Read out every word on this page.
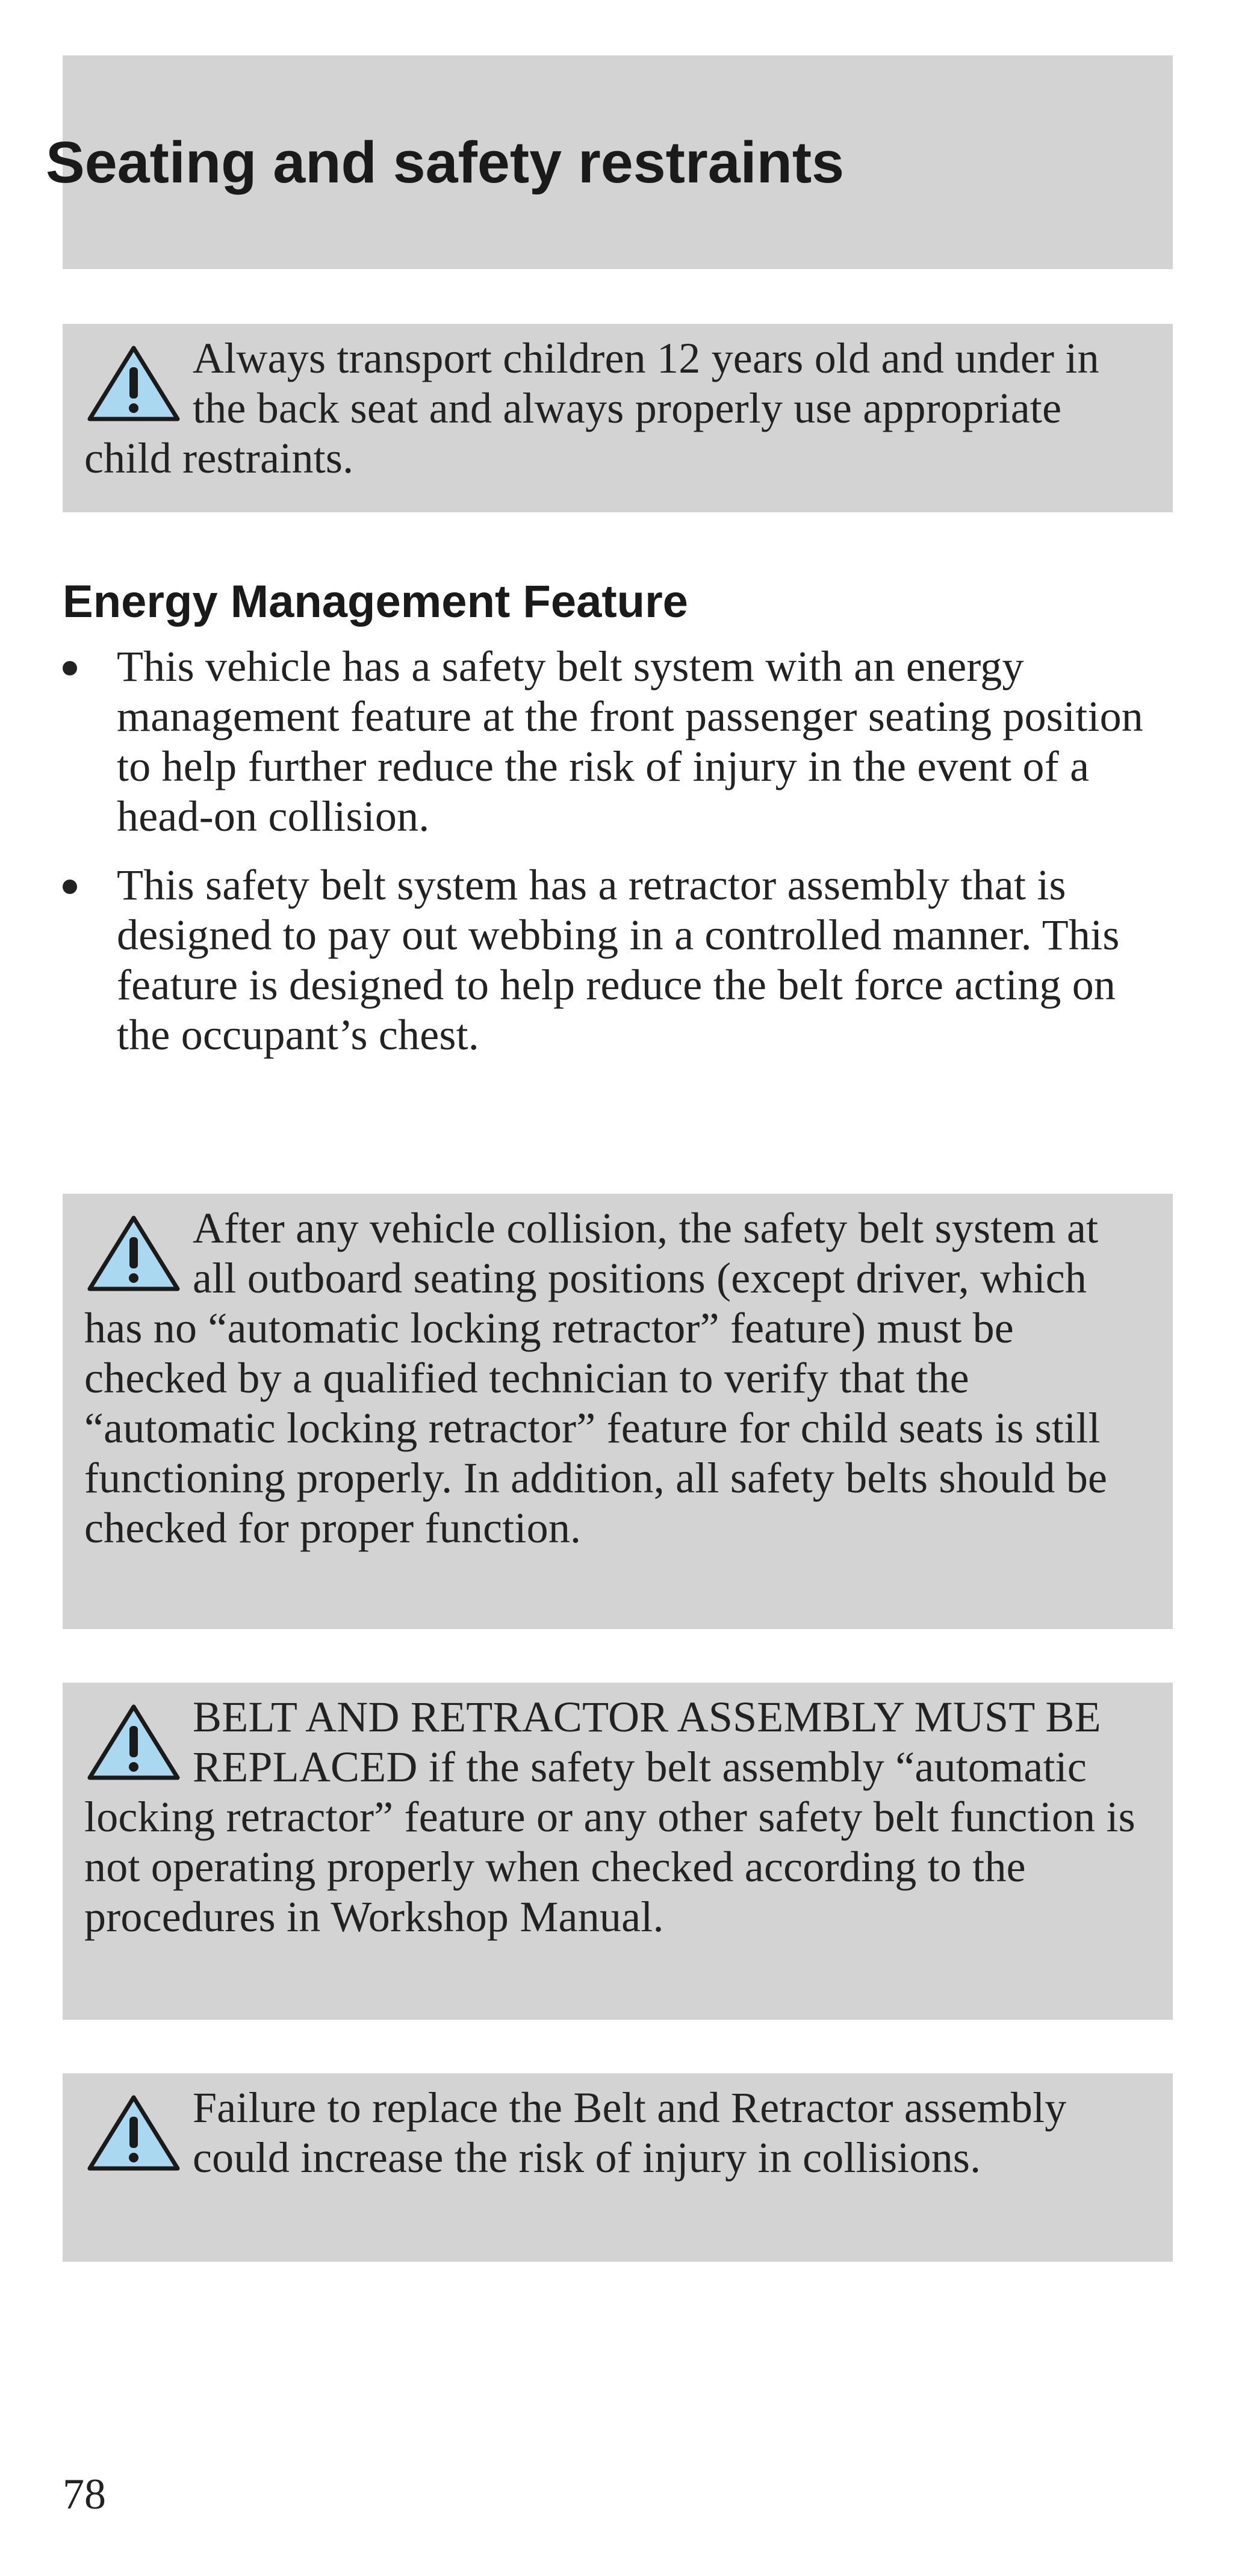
Seating and safety restraints

Always transport children 12 years old and under in the back seat and always properly use appropriate child restraints.

Energy Management Feature
This vehicle has a safety belt system with an energy management feature at the front passenger seating position to help further reduce the risk of injury in the event of a head-on collision.
This safety belt system has a retractor assembly that is designed to pay out webbing in a controlled manner. This feature is designed to help reduce the belt force acting on the occupant’s chest.

After any vehicle collision, the safety belt system at all outboard seating positions (except driver, which has no “automatic locking retractor” feature) must be checked by a qualified technician to verify that the “automatic locking retractor” feature for child seats is still functioning properly. In addition, all safety belts should be checked for proper function.

BELT AND RETRACTOR ASSEMBLY MUST BE REPLACED if the safety belt assembly “automatic locking retractor” feature or any other safety belt function is not operating properly when checked according to the procedures in Workshop Manual.

Failure to replace the Belt and Retractor assembly could increase the risk of injury in collisions.

78
